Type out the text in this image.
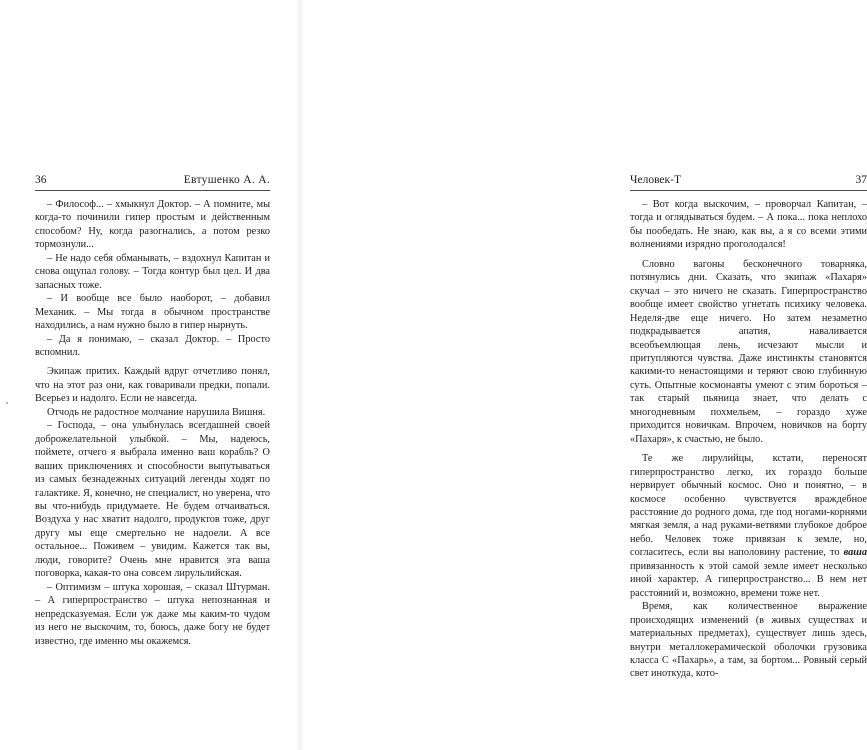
36	Евтушенко А. А.

– Философ... – хмыкнул Доктор. – А помните, мы когда-то починили гипер простым и действенным способом? Ну, когда разогнались, а потом резко тормознули...

– Не надо себя обманывать, – вздохнул Капитан и снова ощупал голову. – Тогда контур был цел. И два запасных тоже.

– И вообще все было наоборот, – добавил Механик. – Мы тогда в обычном пространстве находились, а нам нужно было в гипер нырнуть.

– Да я понимаю, – сказал Доктор. – Просто вспомнил.

Экипаж притих. Каждый вдруг отчетливо понял, что на этот раз они, как говаривали предки, попали. Всерьез и надолго. Если не навсегда.

Отчодь не радостное молчание нарушила Вишня.

– Господа, – она улыбнулась всегдашней своей доброжелательной улыбкой. – Мы, надеюсь, поймете, отчего я выбрала именно ваш корабль? О ваших приключениях и способности выпутываться из самых безнадежных ситуаций легенды ходят по галактике. Я, конечно, не специалист, но уверена, что вы что-нибудь придумаете. Не будем отчаиваться. Воздуха у нас хватит надолго, продуктов тоже, друг другу мы еще смертельно не надоели. А все остальное... Поживем – увидим. Кажется так вы, люди, говорите? Очень мне нравится эта ваша поговорка, какая-то она совсем лирульлийская.

– Оптимизм – штука хорошая, – сказал Штурман. – А гиперпространство – штука непознанная и непредсказуемая. Если уж даже мы каким-то чудом из него не выскочим, то, боюсь, даже богу не будет известно, где именно мы окажемся.

Человек-Т	37

– Вот когда выскочим, – проворчал Капитан, – тогда и оглядываться будем. – А пока... пока неплохо бы пообедать. Не знаю, как вы, а я со всеми этими волнениями изрядно проголодался!

Словно вагоны бесконечного товарняка, потянулись дни. Сказать, что экипаж «Пахаря» скучал – это ничего не сказать. Гиперпространство вообще имеет свойство угнетать психику человека. Неделя-две еще ничего. Но затем незаметно подкрадывается апатия, наваливается всеобъемлющая лень, исчезают мысли и притупляются чувства. Даже инстинкты становятся какими-то ненастоящими и теряют свою глубинную суть. Опытные космонавты умеют с этим бороться – так старый пьяница знает, что делать с многодневным похмельем, – гораздо хуже приходится новичкам. Впрочем, новичков на борту «Пахаря», к счастью, не было.

Те же лирулийцы, кстати, переносят гиперпространство легко, их гораздо больше нервирует обычный космос. Оно и понятно, – в космосе особенно чувствуется враждебное расстояние до родного дома, где под ногами-корнями мягкая земля, а над руками-ветвями глубокое доброе небо. Человек тоже привязан к земле, но, согласитесь, если вы наполовину растение, то ваша привязанность к этой самой земле имеет несколько иной характер. А гиперпространство... В нем нет расстояний и, возможно, времени тоже нет.

Время, как количественное выражение происходящих изменений (в живых существах и материальных предметах), существует лишь здесь, внутри металлокерамической оболочки грузовика класса С «Пахарь», а там, за бортом... Ровный серый свет иноткуда, кото-
